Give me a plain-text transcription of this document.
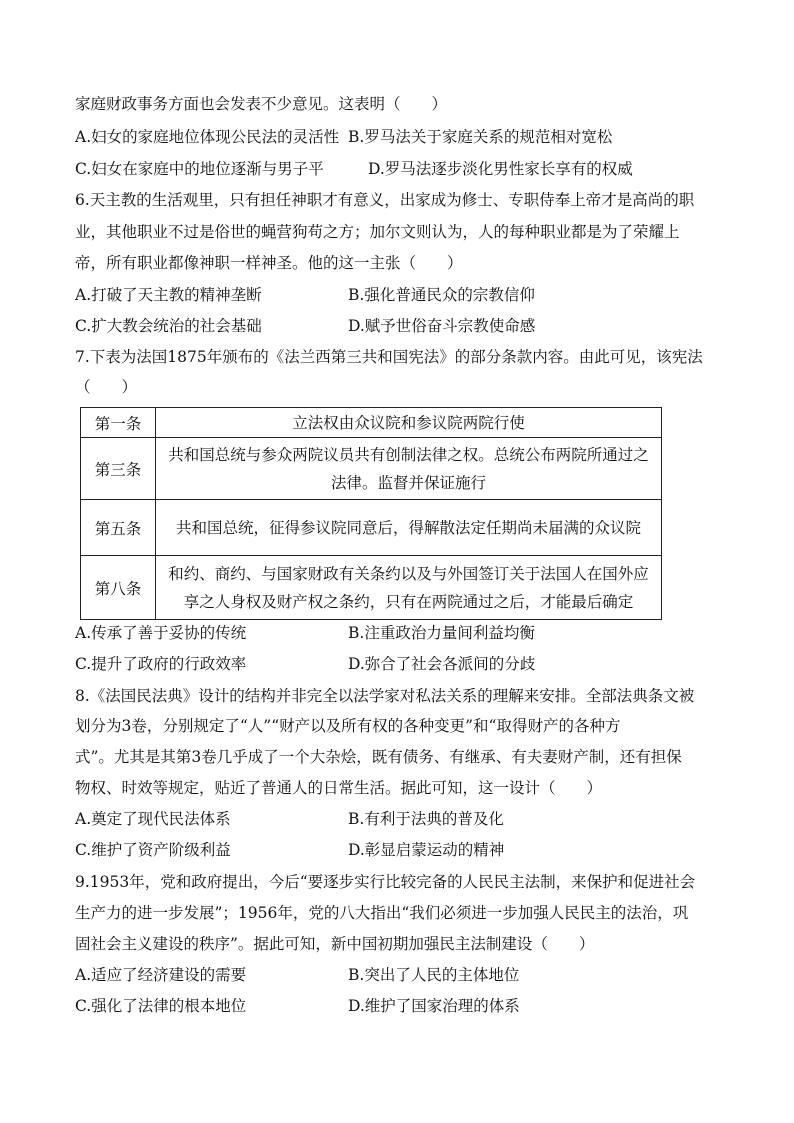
家庭财政事务方面也会发表不少意见。这表明（　　）
A.妇女的家庭地位体现公民法的灵活性 B.罗马法关于家庭关系的规范相对宽松
C.妇女在家庭中的地位逐渐与男子平	D.罗马法逐步淡化男性家长享有的权威
6.天主教的生活观里，只有担任神职才有意义，出家成为修士、专职侍奉上帝才是高尚的职
业，其他职业不过是俗世的蝇营狗苟之方；加尔文则认为，人的每种职业都是为了荣耀上
帝，所有职业都像神职一样神圣。他的这一主张（　　）
A.打破了天主教的精神垄断	B.强化普通民众的宗教信仰
C.扩大教会统治的社会基础	D.赋予世俗奋斗宗教使命感
7.下表为法国1875年颁布的《法兰西第三共和国宪法》的部分条款内容。由此可见，该宪法
（　　）
第一条	立法权由众议院和参议院两院行使

第三条	共和国总统与参众两院议员共有创制法律之权。总统公布两院所通过之
法律。监督并保证施行

第五条	共和国总统，征得参议院同意后，得解散法定任期尚未届满的众议院

第八条	和约、商约、与国家财政有关条约以及与外国签订关于法国人在国外应
享之人身权及财产权之条约，只有在两院通过之后，才能最后确定
A.传承了善于妥协的传统	B.注重政治力量间利益均衡
C.提升了政府的行政效率	D.弥合了社会各派间的分歧
8.《法国民法典》设计的结构并非完全以法学家对私法关系的理解来安排。全部法典条文被
划分为3卷，分别规定了“人”“财产以及所有权的各种变更”和“取得财产的各种方
式”。尤其是其第3卷几乎成了一个大杂烩，既有债务、有继承、有夫妻财产制，还有担保
物权、时效等规定，贴近了普通人的日常生活。据此可知，这一设计（　　）
A.奠定了现代民法体系	B.有利于法典的普及化
C.维护了资产阶级利益	D.彰显启蒙运动的精神
9.1953年，党和政府提出，今后“要逐步实行比较完备的人民民主法制，来保护和促进社会
生产力的进一步发展”；1956年，党的八大指出“我们必须进一步加强人民民主的法治，巩
固社会主义建设的秩序”。据此可知，新中国初期加强民主法制建设（　　）
A.适应了经济建设的需要	B.突出了人民的主体地位
C.强化了法律的根本地位	D.维护了国家治理的体系
